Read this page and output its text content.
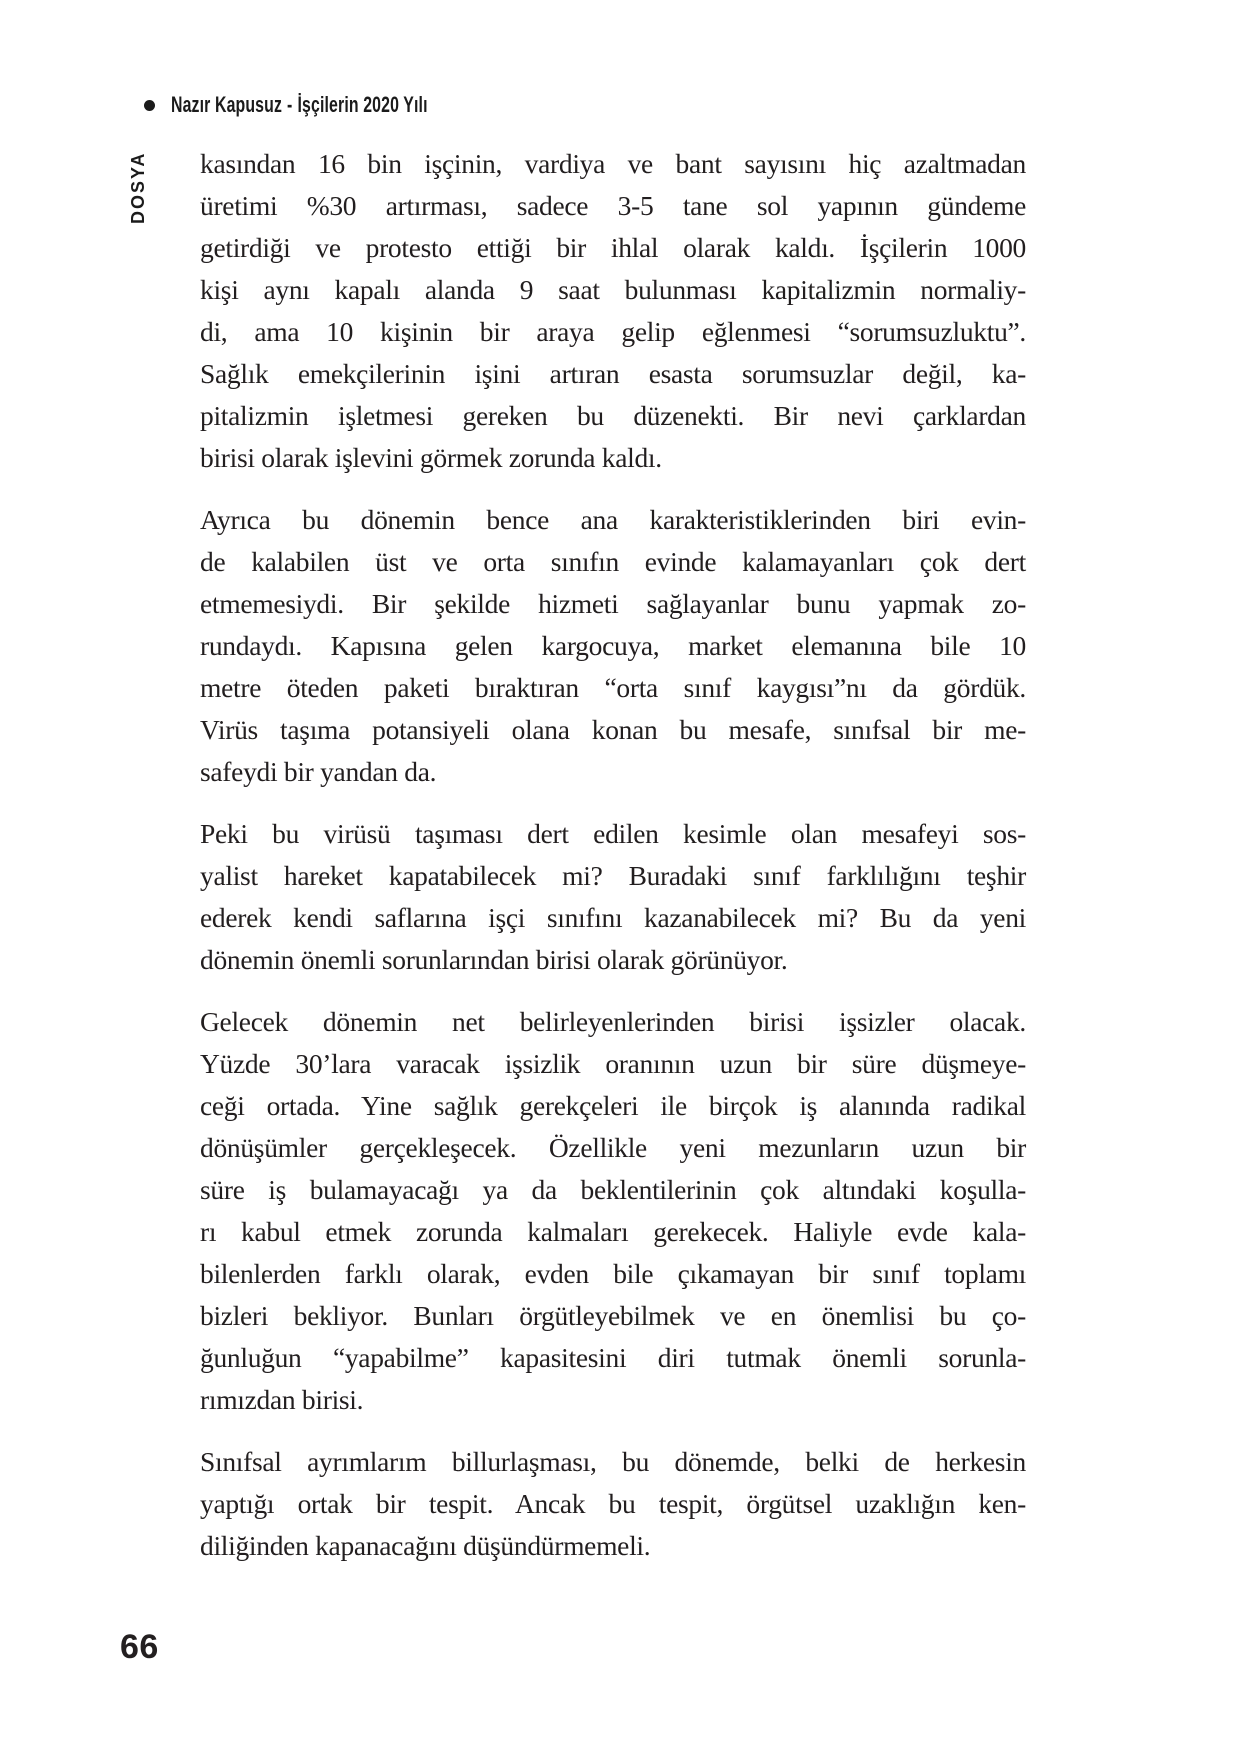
Nazır Kapusuz - İşçilerin 2020 Yılı
DOSYA kasından 16 bin işçinin, vardiya ve bant sayısını hiç azaltmadan
üretimi %30 artırması, sadece 3-5 tane sol yapının gündeme
getirdiği ve protesto ettiği bir ihlal olarak kaldı. İşçilerin 1000
kişi aynı kapalı alanda 9 saat bulunması kapitalizmin normaliy-
di, ama 10 kişinin bir araya gelip eğlenmesi “sorumsuzluktu”.
Sağlık emekçilerinin işini artıran esasta sorumsuzlar değil, ka-
pitalizmin işletmesi gereken bu düzenekti. Bir nevi çarklardan
birisi olarak işlevini görmek zorunda kaldı.
Ayrıca bu dönemin bence ana karakteristiklerinden biri evin-
de kalabilen üst ve orta sınıfın evinde kalamayanları çok dert
etmemesiydi. Bir şekilde hizmeti sağlayanlar bunu yapmak zo-
rundaydı. Kapısına gelen kargocuya, market elemanına bile 10
metre öteden paketi bıraktıran “orta sınıf kaygısı”nı da gördük.
Virüs taşıma potansiyeli olana konan bu mesafe, sınıfsal bir me-
safeydi bir yandan da.
Peki bu virüsü taşıması dert edilen kesimle olan mesafeyi sos-
yalist hareket kapatabilecek mi? Buradaki sınıf farklılığını teşhir
ederek kendi saflarına işçi sınıfını kazanabilecek mi? Bu da yeni
dönemin önemli sorunlarından birisi olarak görünüyor.
Gelecek dönemin net belirleyenlerinden birisi işsizler olacak.
Yüzde 30’lara varacak işsizlik oranının uzun bir süre düşmeye-
ceği ortada. Yine sağlık gerekçeleri ile birçok iş alanında radikal
dönüşümler gerçekleşecek. Özellikle yeni mezunların uzun bir
süre iş bulamayacağı ya da beklentilerinin çok altındaki koşulla-
rı kabul etmek zorunda kalmaları gerekecek. Haliyle evde kala-
bilenlerden farklı olarak, evden bile çıkamayan bir sınıf toplamı
bizleri bekliyor. Bunları örgütleyebilmek ve en önemlisi bu ço-
ğunluğun “yapabilme” kapasitesini diri tutmak önemli sorunla-
rımızdan birisi.
Sınıfsal ayrımlarım billurlaşması, bu dönemde, belki de herkesin
yaptığı ortak bir tespit. Ancak bu tespit, örgütsel uzaklığın ken-
diliğinden kapanacağını düşündürmemeli.
66
